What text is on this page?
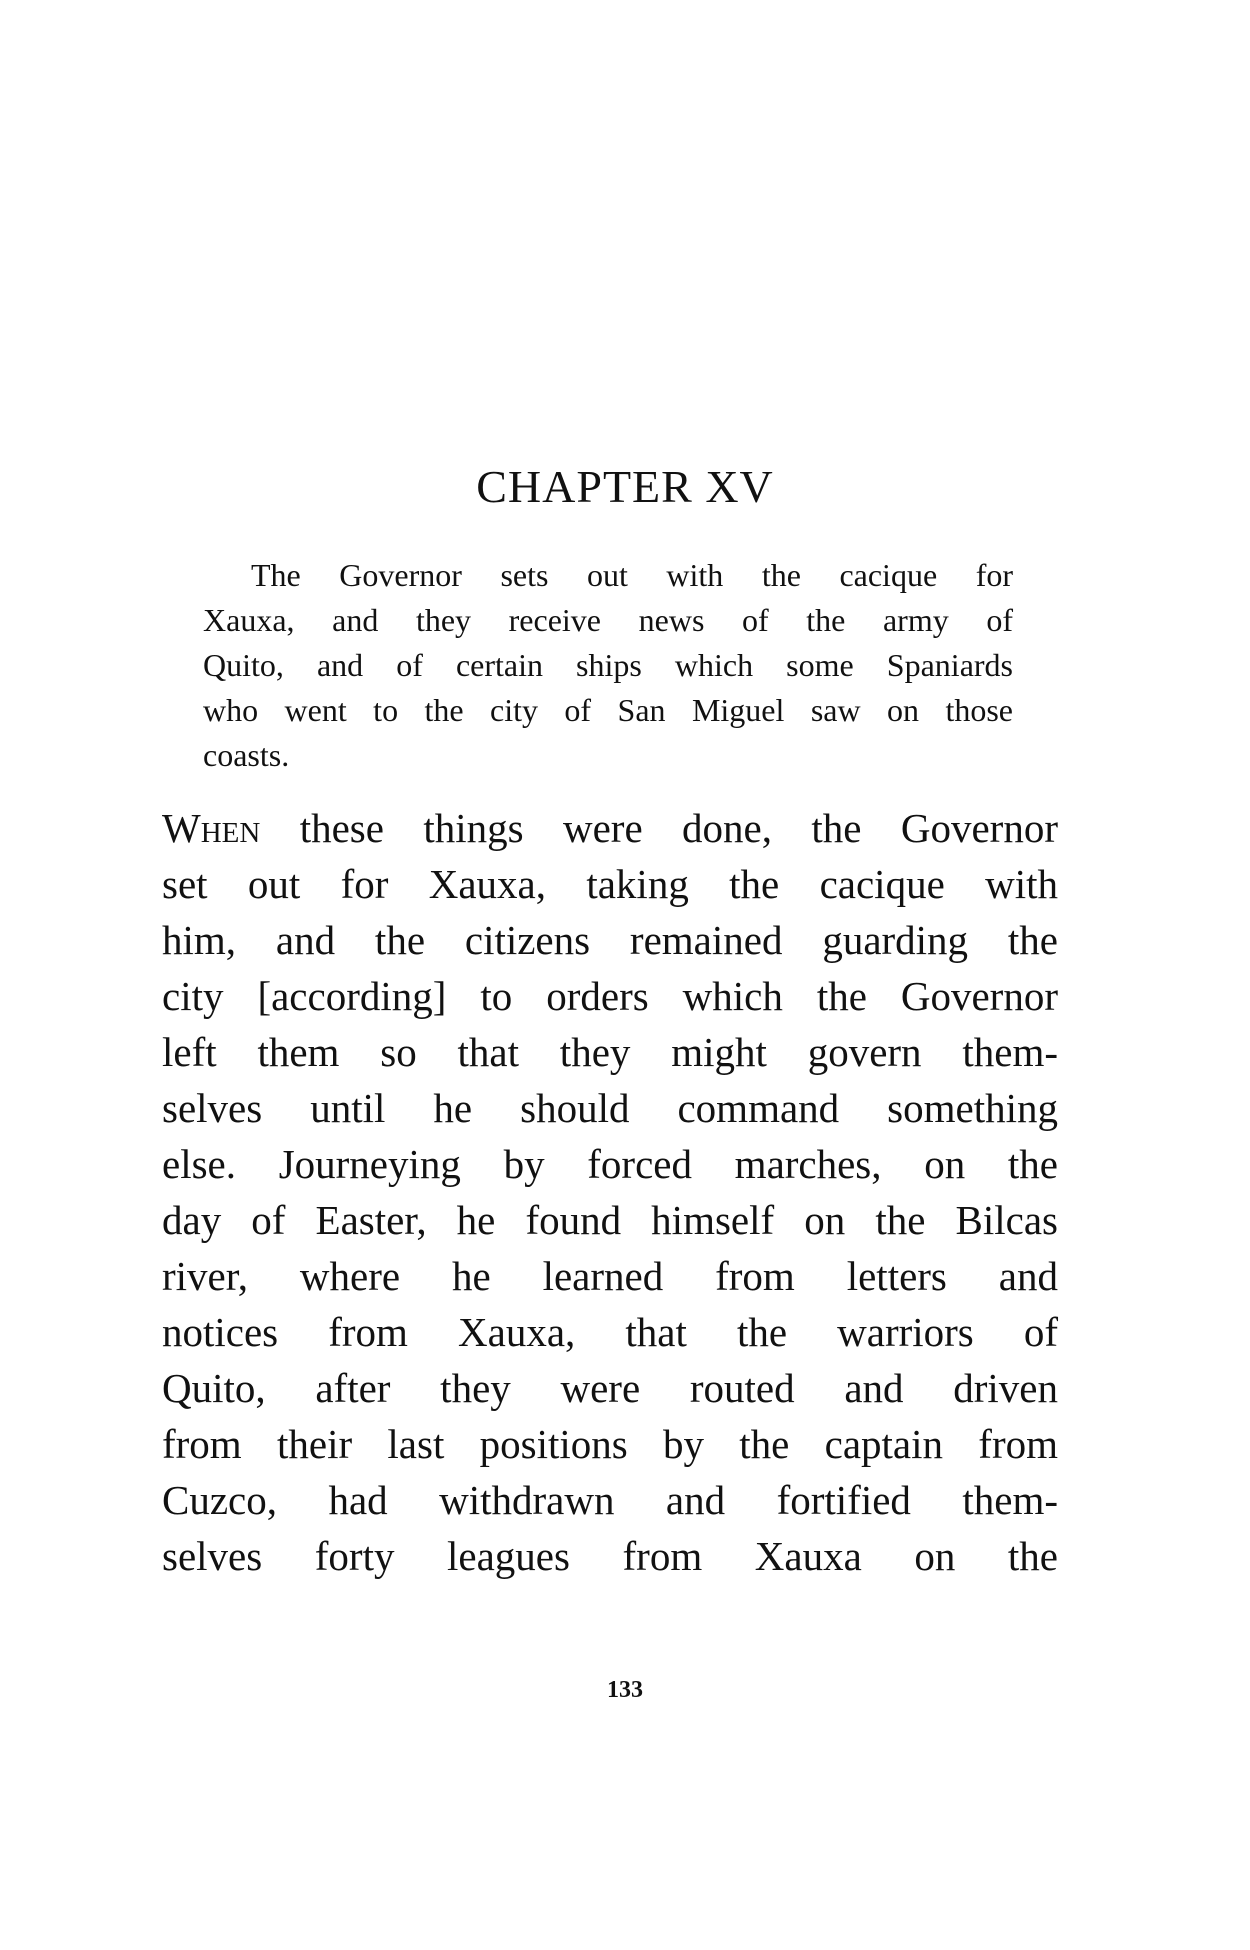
CHAPTER XV
The Governor sets out with the cacique for
Xauxa, and they receive news of the army of
Quito, and of certain ships which some Spaniards
who went to the city of San Miguel saw on those
coasts.
When these things were done, the Governor
set out for Xauxa, taking the cacique with
him, and the citizens remained guarding the
city [according] to orders which the Governor
left them so that they might govern them-
selves until he should command something
else. Journeying by forced marches, on the
day of Easter, he found himself on the Bilcas
river, where he learned from letters and
notices from Xauxa, that the warriors of
Quito, after they were routed and driven
from their last positions by the captain from
Cuzco, had withdrawn and fortified them-
selves forty leagues from Xauxa on the
133
